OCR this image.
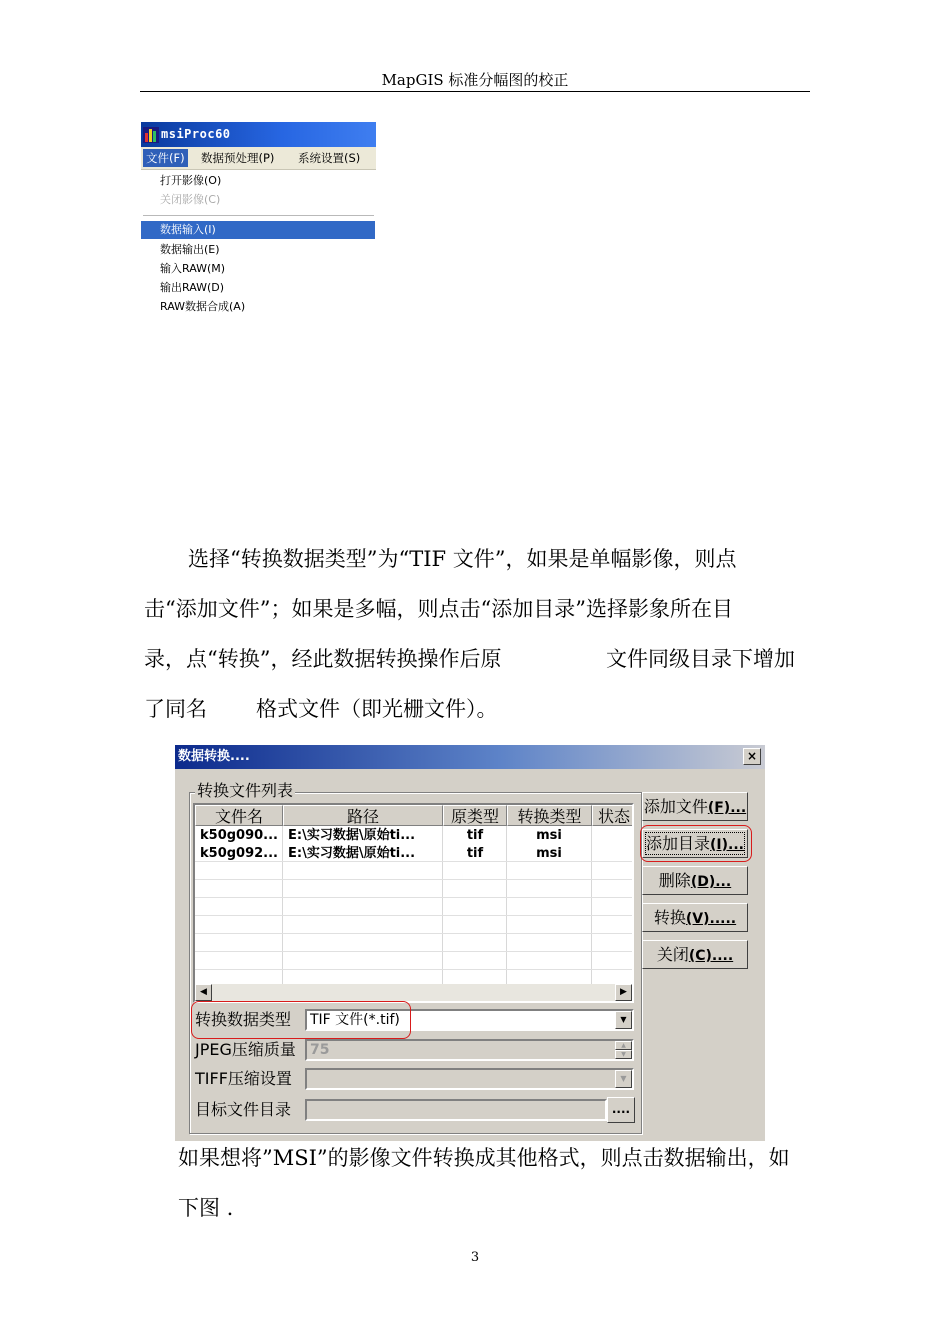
MapGIS 标准分幅图的校正
msiProc60
文件(F) 数据预处理(P) 系统设置(S)
打开影像(O)
关闭影像(C)
数据输入(I)
数据输出(E)
输入RAW(M)
输出RAW(D)
RAW数据合成(A)
选择“转换数据类型”为“TIF 文件”，如果是单幅影像，则点
击“添加文件”；如果是多幅，则点击“添加目录”选择影象所在目
录，点“转换”，经此数据转换操作后原	文件同级目录下增加
了同名 格式文件（即光栅文件）。
数据转换....	×
转换文件列表
文件名	路径	原类型	转换类型	状态
k50g090... E:\实习数据\原始ti...	tif	msi
k50g092... E:\实习数据\原始ti...	tif	msi
◀	▶
添加文件(F)...
添加目录(I)...
删除(D)...
转换(V).....
关闭(C)....
转换数据类型 TIF 文件(*.tif)	▼
JPEG压缩质量 75	▲
▼
TIFF压缩设置	▼
目标文件目录	....
如果想将”MSI”的影像文件转换成其他格式，则点击数据输出，如
下图 .
3
